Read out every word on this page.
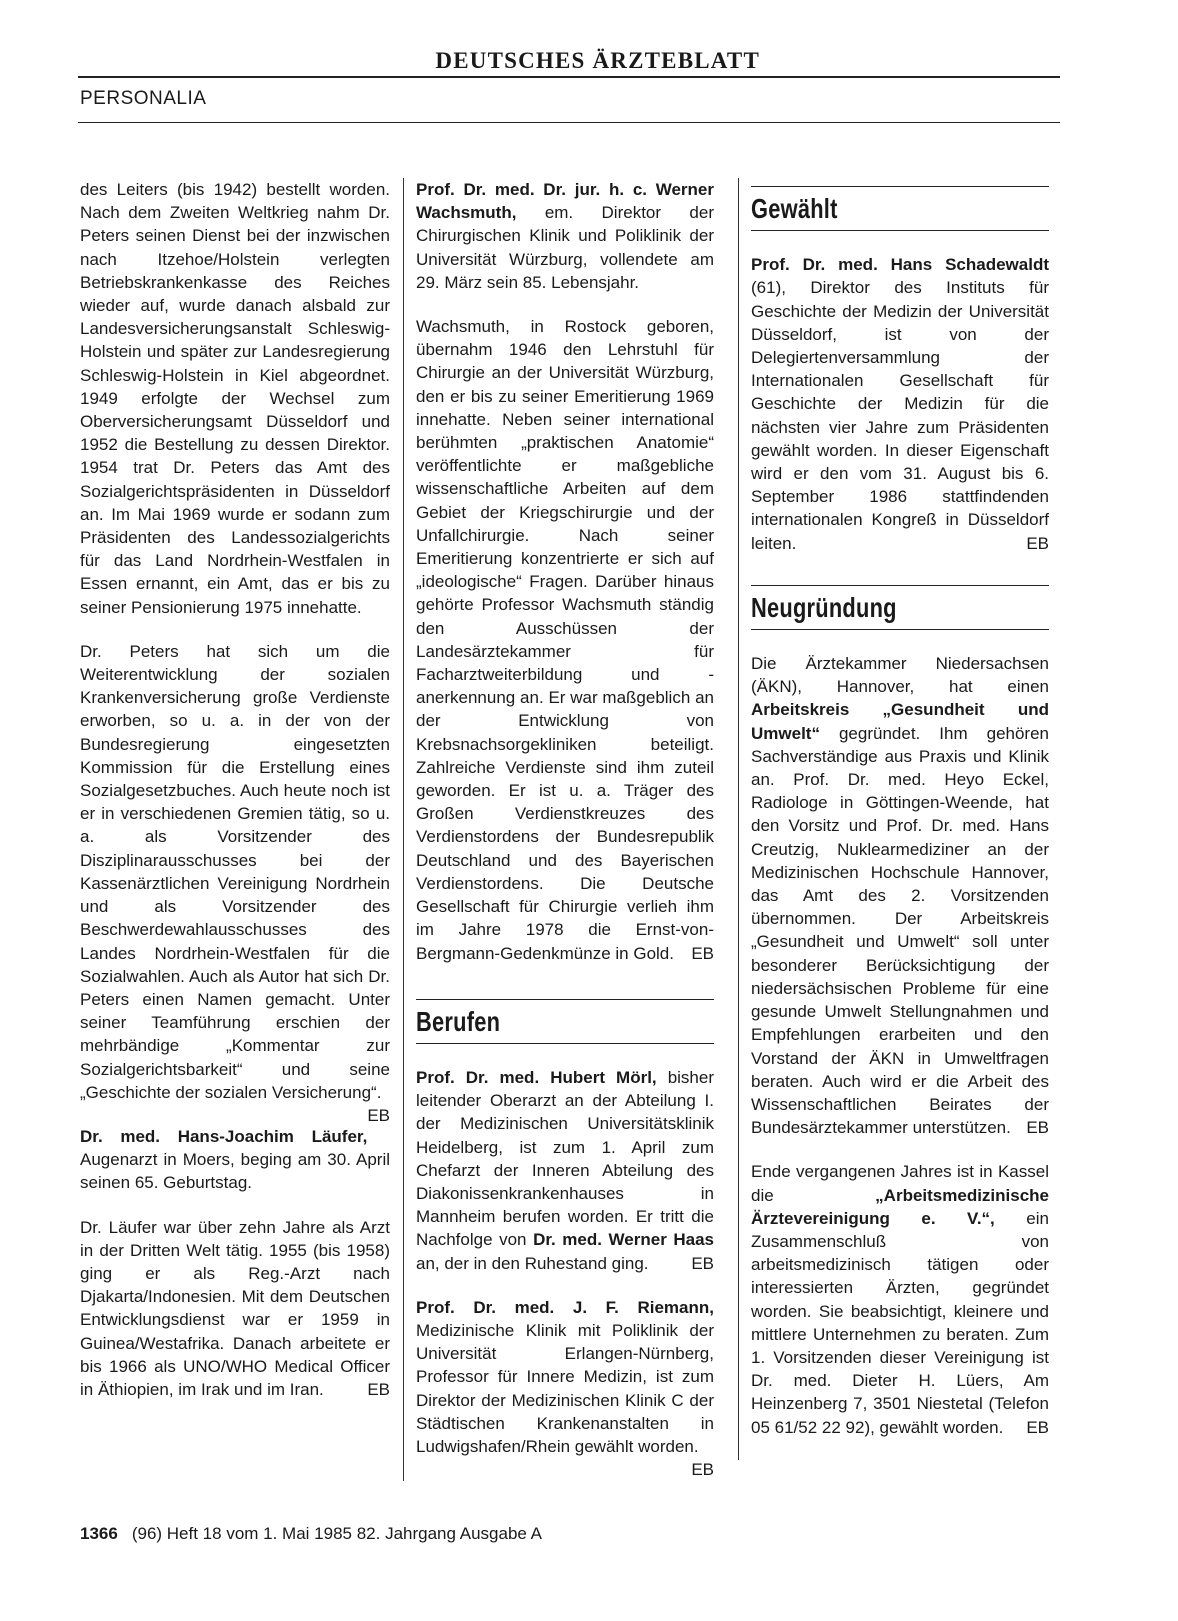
DEUTSCHES ÄRZTEBLATT
PERSONALIA

des Leiters (bis 1942) bestellt worden. Nach dem Zweiten Weltkrieg nahm Dr. Peters seinen Dienst bei der inzwischen nach Itzehoe/Holstein verlegten Betriebskrankenkasse des Reiches wieder auf, wurde danach alsbald zur Landesversicherungsanstalt Schleswig-Holstein und später zur Landesregierung Schleswig-Holstein in Kiel abgeordnet. 1949 erfolgte der Wechsel zum Oberversicherungsamt Düsseldorf und 1952 die Bestellung zu dessen Direktor. 1954 trat Dr. Peters das Amt des Sozialgerichtspräsidenten in Düsseldorf an. Im Mai 1969 wurde er sodann zum Präsidenten des Landessozialgerichts für das Land Nordrhein-Westfalen in Essen ernannt, ein Amt, das er bis zu seiner Pensionierung 1975 innehatte.

Dr. Peters hat sich um die Weiterentwicklung der sozialen Krankenversicherung große Verdienste erworben, so u. a. in der von der Bundesregierung eingesetzten Kommission für die Erstellung eines Sozialgesetzbuches. Auch heute noch ist er in verschiedenen Gremien tätig, so u. a. als Vorsitzender des Disziplinarausschusses bei der Kassenärztlichen Vereinigung Nordrhein und als Vorsitzender des Beschwerdewahlausschusses des Landes Nordrhein-Westfalen für die Sozialwahlen. Auch als Autor hat sich Dr. Peters einen Namen gemacht. Unter seiner Teamführung erschien der mehrbändige „Kommentar zur Sozialgerichtsbarkeit“ und seine „Geschichte der sozialen Versicherung“.
EB

Dr. med. Hans-Joachim Läufer, Augenarzt in Moers, beging am 30. April seinen 65. Geburtstag.

Dr. Läufer war über zehn Jahre als Arzt in der Dritten Welt tätig. 1955 (bis 1958) ging er als Reg.-Arzt nach Djakarta/Indonesien. Mit dem Deutschen Entwicklungsdienst war er 1959 in Guinea/Westafrika. Danach arbeitete er bis 1966 als UNO/WHO Medical Officer in Äthiopien, im Irak und im Iran.	EB

Prof. Dr. med. Dr. jur. h. c. Werner Wachsmuth, em. Direktor der Chirurgischen Klinik und Poliklinik der Universität Würzburg, vollendete am 29. März sein 85. Lebensjahr.

Wachsmuth, in Rostock geboren, übernahm 1946 den Lehrstuhl für Chirurgie an der Universität Würzburg, den er bis zu seiner Emeritierung 1969 innehatte. Neben seiner international berühmten „praktischen Anatomie“ veröffentlichte er maßgebliche wissenschaftliche Arbeiten auf dem Gebiet der Kriegschirurgie und der Unfallchirurgie. Nach seiner Emeritierung konzentrierte er sich auf „ideologische“ Fragen. Darüber hinaus gehörte Professor Wachsmuth ständig den Ausschüssen der Landesärztekammer für Facharztweiterbildung und -anerkennung an. Er war maßgeblich an der Entwicklung von Krebsnachsorgekliniken beteiligt. Zahlreiche Verdienste sind ihm zuteil geworden. Er ist u. a. Träger des Großen Verdienstkreuzes des Verdienstordens der Bundesrepublik Deutschland und des Bayerischen Verdienstordens. Die Deutsche Gesellschaft für Chirurgie verlieh ihm im Jahre 1978 die Ernst-von-Bergmann-Gedenkmünze in Gold. EB

Berufen

Prof. Dr. med. Hubert Mörl, bisher leitender Oberarzt an der Abteilung I. der Medizinischen Universitätsklinik Heidelberg, ist zum 1. April zum Chefarzt der Inneren Abteilung des Diakonissenkrankenhauses in Mannheim berufen worden. Er tritt die Nachfolge von Dr. med. Werner Haas an, der in den Ruhestand ging.	EB

Prof. Dr. med. J. F. Riemann, Medizinische Klinik mit Poliklinik der Universität Erlangen-Nürnberg, Professor für Innere Medizin, ist zum Direktor der Medizinischen Klinik C der Städtischen Krankenanstalten in Ludwigshafen/Rhein gewählt worden.
EB

Gewählt

Prof. Dr. med. Hans Schadewaldt (61), Direktor des Instituts für Geschichte der Medizin der Universität Düsseldorf, ist von der Delegiertenversammlung der Internationalen Gesellschaft für Geschichte der Medizin für die nächsten vier Jahre zum Präsidenten gewählt worden. In dieser Eigenschaft wird er den vom 31. August bis 6. September 1986 stattfindenden internationalen Kongreß in Düsseldorf leiten.	EB

Neugründung

Die Ärztekammer Niedersachsen (ÄKN), Hannover, hat einen Arbeitskreis „Gesundheit und Umwelt“ gegründet. Ihm gehören Sachverständige aus Praxis und Klinik an. Prof. Dr. med. Heyo Eckel, Radiologe in Göttingen-Weende, hat den Vorsitz und Prof. Dr. med. Hans Creutzig, Nuklearmediziner an der Medizinischen Hochschule Hannover, das Amt des 2. Vorsitzenden übernommen. Der Arbeitskreis „Gesundheit und Umwelt“ soll unter besonderer Berücksichtigung der niedersächsischen Probleme für eine gesunde Umwelt Stellungnahmen und Empfehlungen erarbeiten und den Vorstand der ÄKN in Umweltfragen beraten. Auch wird er die Arbeit des Wissenschaftlichen Beirates der Bundesärztekammer unterstützen. EB

Ende vergangenen Jahres ist in Kassel die „Arbeitsmedizinische Ärztevereinigung e. V.“, ein Zusammenschluß von arbeitsmedizinisch tätigen oder interessierten Ärzten, gegründet worden. Sie beabsichtigt, kleinere und mittlere Unternehmen zu beraten. Zum 1. Vorsitzenden dieser Vereinigung ist Dr. med. Dieter H. Lüers, Am Heinzenberg 7, 3501 Niestetal (Telefon 05 61/52 22 92), gewählt worden. EB

1366 (96) Heft 18 vom 1. Mai 1985 82. Jahrgang Ausgabe A
